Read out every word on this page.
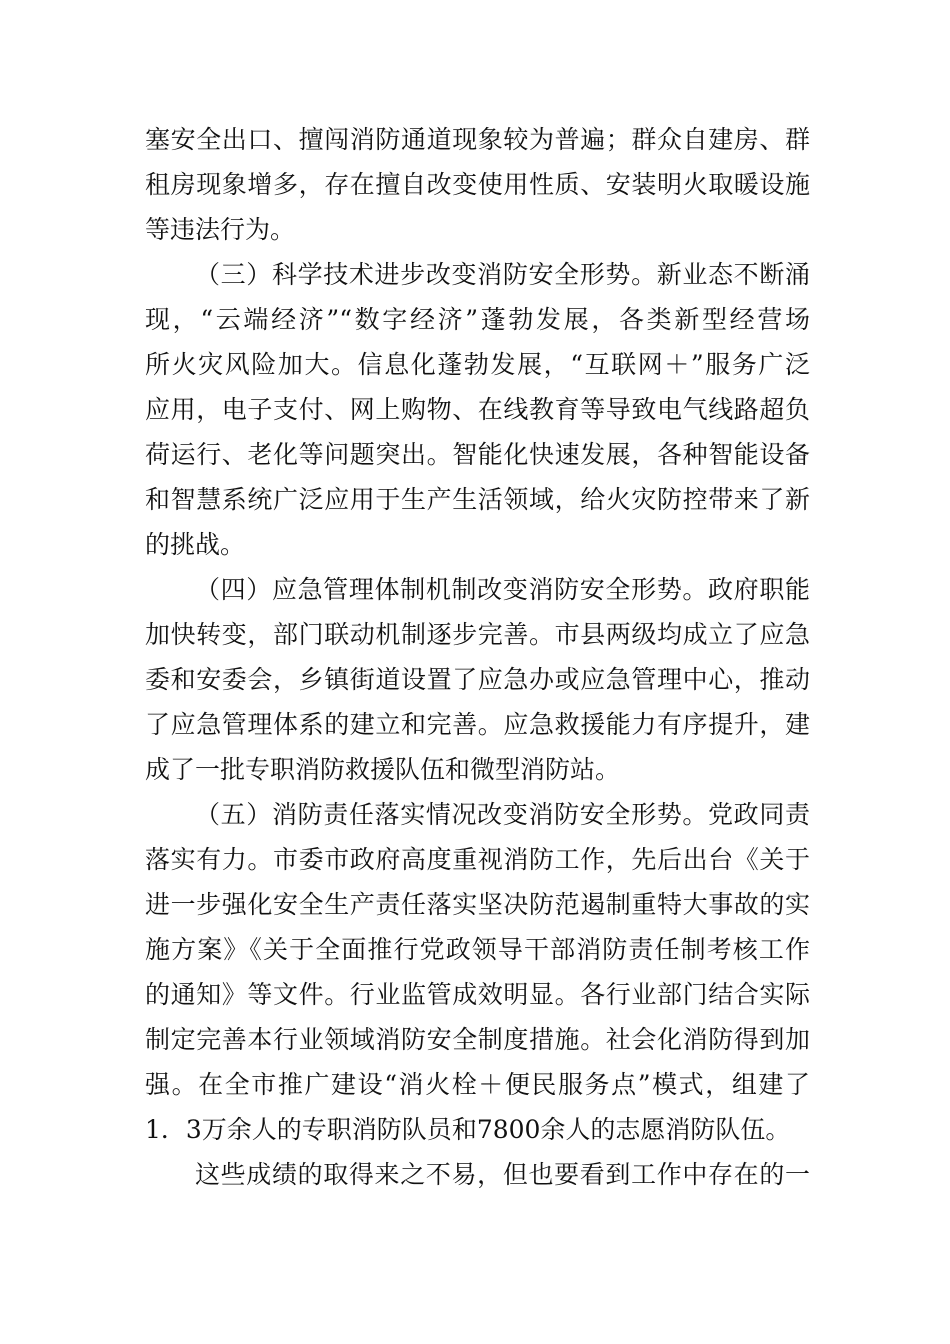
塞安全出口、擅闯消防通道现象较为普遍；群众自建房、群
租房现象增多，存在擅自改变使用性质、安装明火取暖设施
等违法行为。
（三）科学技术进步改变消防安全形势。新业态不断涌
现，“云端经济”“数字经济”蓬勃发展，各类新型经营场
所火灾风险加大。信息化蓬勃发展，“互联网＋”服务广泛
应用，电子支付、网上购物、在线教育等导致电气线路超负
荷运行、老化等问题突出。智能化快速发展，各种智能设备
和智慧系统广泛应用于生产生活领域，给火灾防控带来了新
的挑战。
（四）应急管理体制机制改变消防安全形势。政府职能
加快转变，部门联动机制逐步完善。市县两级均成立了应急
委和安委会，乡镇街道设置了应急办或应急管理中心，推动
了应急管理体系的建立和完善。应急救援能力有序提升，建
成了一批专职消防救援队伍和微型消防站。
（五）消防责任落实情况改变消防安全形势。党政同责
落实有力。市委市政府高度重视消防工作，先后出台《关于
进一步强化安全生产责任落实坚决防范遏制重特大事故的实
施方案》《关于全面推行党政领导干部消防责任制考核工作
的通知》等文件。行业监管成效明显。各行业部门结合实际
制定完善本行业领域消防安全制度措施。社会化消防得到加
强。在全市推广建设“消火栓＋便民服务点”模式，组建了
1．3万余人的专职消防队员和7800余人的志愿消防队伍。
这些成绩的取得来之不易，但也要看到工作中存在的一
